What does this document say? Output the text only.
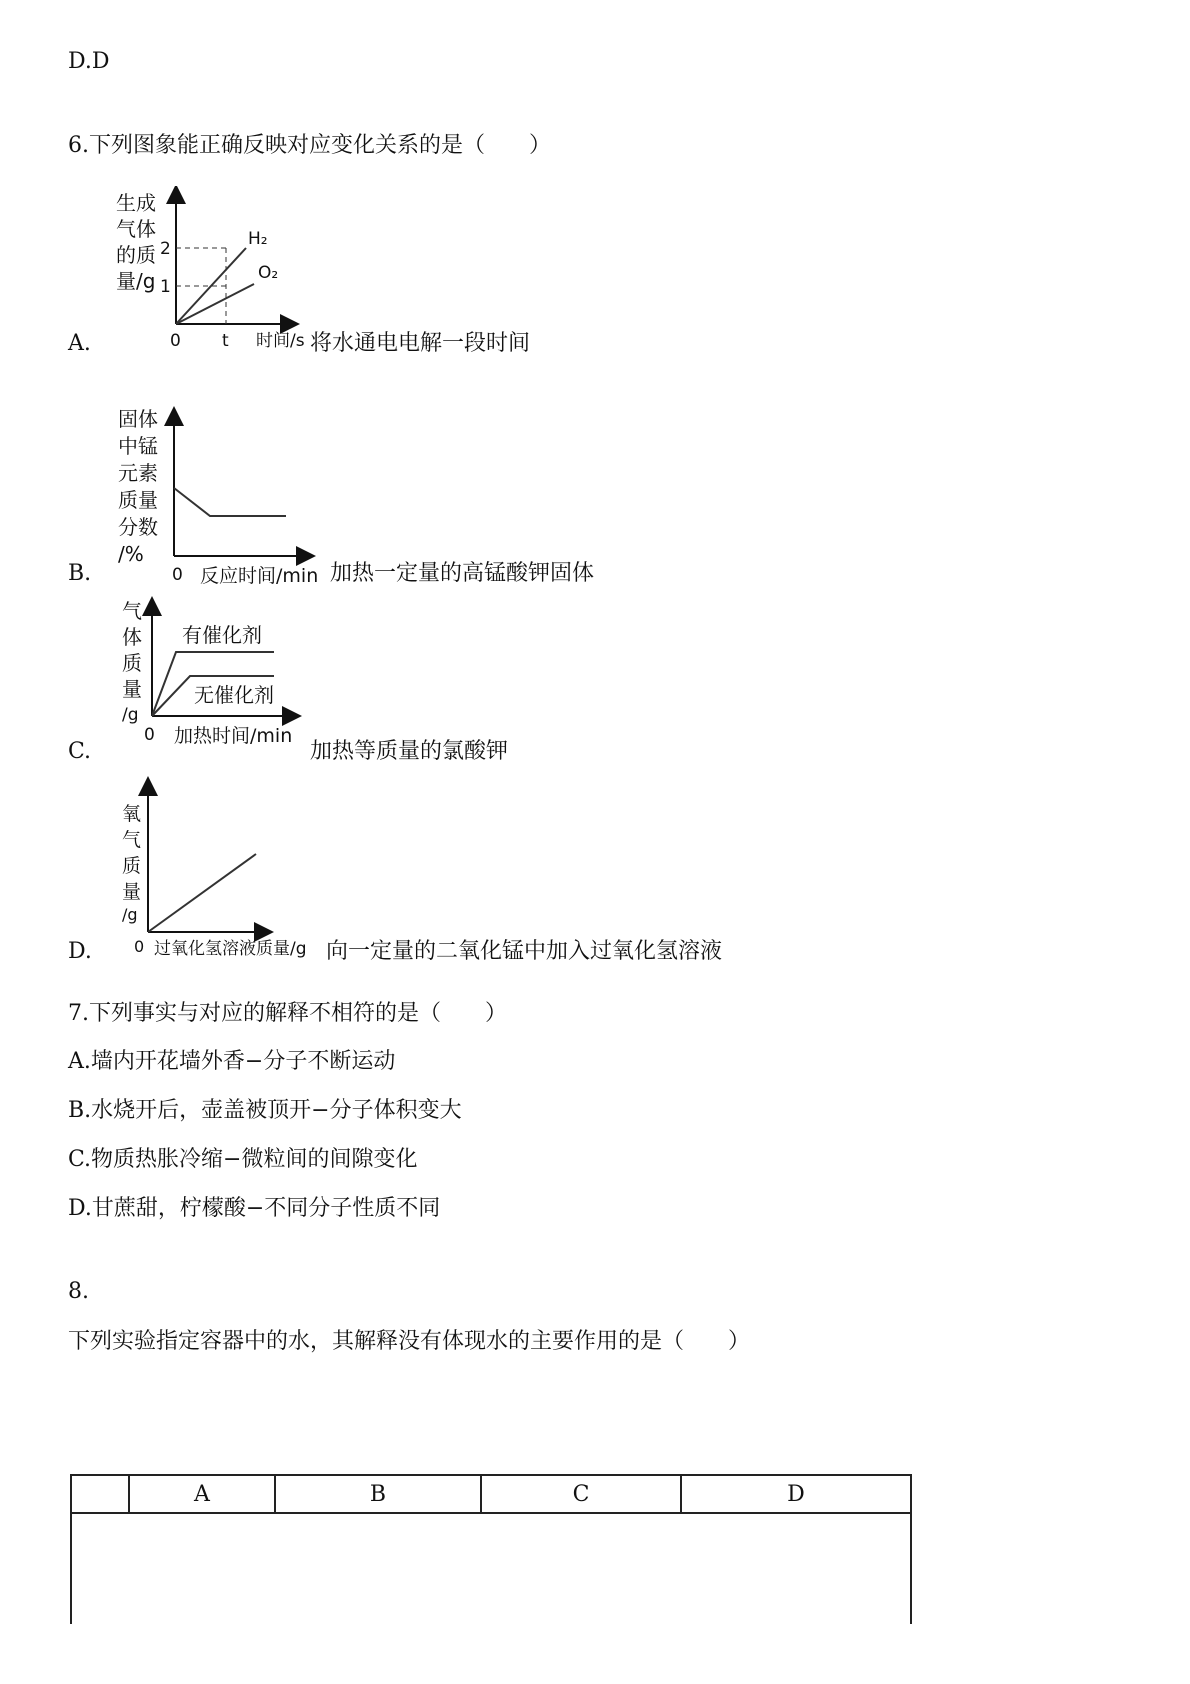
D.D
6.下列图象能正确反映对应变化关系的是（　　）
A.
生成
气体
的质
量/g
2
1
0 t
H₂
O₂
时间/s 将水通电电解一段时间
B.
固体
中锰
元素
质量
分数
/%
0 反应时间/min 加热一定量的高锰酸钾固体
C.
气
体
质
量
/g
有催化剂
无催化剂
0 加热时间/min
加热等质量的氯酸钾
D.
氧
气
质
量
/g
0 过氧化氢溶液质量/g 向一定量的二氧化锰中加入过氧化氢溶液
7.下列事实与对应的解释不相符的是（　　）
A.墙内开花墙外香−分子不断运动
B.水烧开后，壶盖被顶开−分子体积变大
C.物质热胀冷缩−微粒间的间隙变化
D.甘蔗甜，柠檬酸−不同分子性质不同
8.
下列实验指定容器中的水，其解释没有体现水的主要作用的是（　　）
	A	B	C	D
